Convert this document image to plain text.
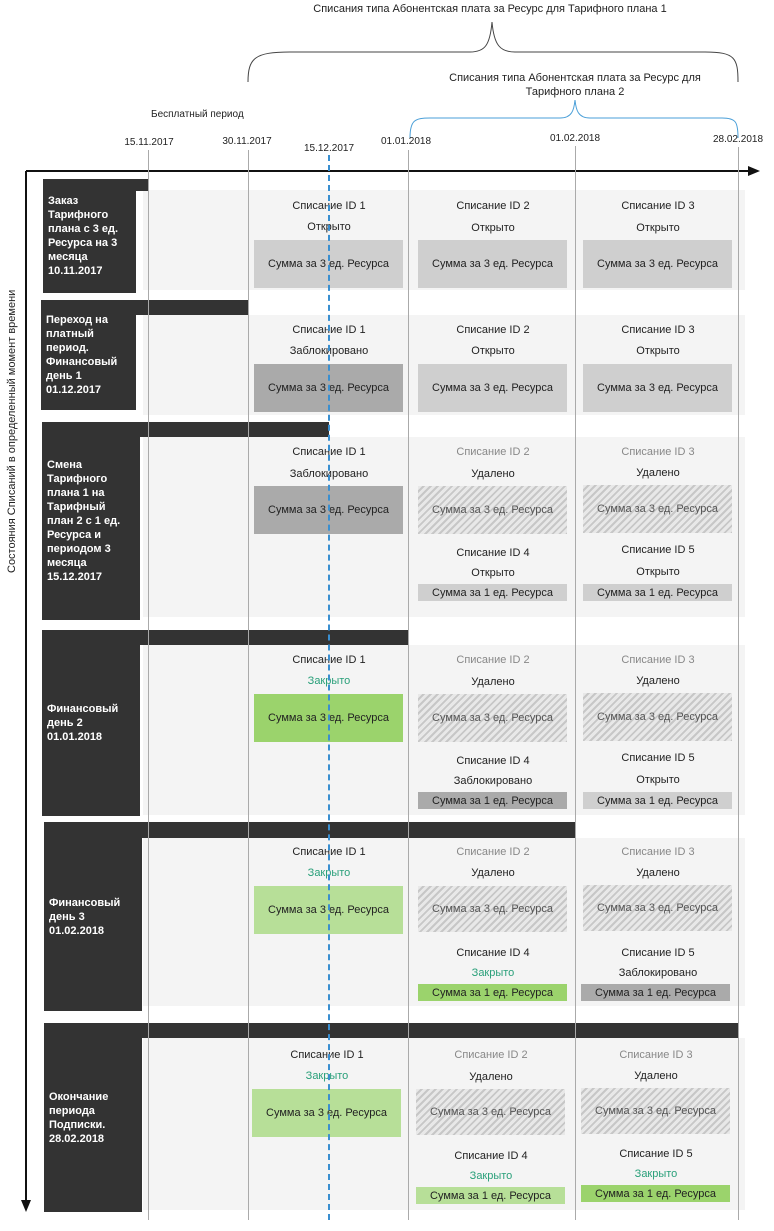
Списания типа Абонентская плата за Ресурс для Тарифного плана 1
Списания типа Абонентская плата за Ресурс для
Тарифного плана 2
Бесплатный период
15.11.2017	30.11.2017
15.12.2017
01.01.2018	01.02.2018	28.02.2018
Состояния Списаний в определенный момент времени
Заказ Тарифного плана с 3 ед. Ресурса на 3 месяца 10.11.2017
Переход на платный период. Финансовый день 1 01.12.2017
Смена Тарифного плана 1 на Тарифный план 2 с 1 ед. Ресурса и периодом 3 месяца 15.12.2017
Финансовый день 2 01.01.2018
Финансовый день 3 01.02.2018
Окончание периода Подписки. 28.02.2018
Списание ID 1
Открыто
Сумма за 3 ед. Ресурса
Списание ID 2
Открыто
Сумма за 3 ед. Ресурса
Списание ID 3
Открыто
Сумма за 3 ед. Ресурса
Списание ID 1
Заблокировано
Сумма за 3 ед. Ресурса
Списание ID 2
Открыто
Сумма за 3 ед. Ресурса
Списание ID 3
Открыто
Сумма за 3 ед. Ресурса
Списание ID 1
Заблокировано
Сумма за 3 ед. Ресурса
Списание ID 2
Удалено
Сумма за 3 ед. Ресурса
Списание ID 3
Удалено
Сумма за 3 ед. Ресурса
Списание ID 4
Открыто
Сумма за 1 ед. Ресурса
Списание ID 5
Открыто
Сумма за 1 ед. Ресурса
Списание ID 1
Закрыто
Сумма за 3 ед. Ресурса
Списание ID 2
Удалено
Сумма за 3 ед. Ресурса
Списание ID 3
Удалено
Сумма за 3 ед. Ресурса
Списание ID 4
Заблокировано
Сумма за 1 ед. Ресурса
Списание ID 5
Открыто
Сумма за 1 ед. Ресурса
Списание ID 1
Закрыто
Сумма за 3 ед. Ресурса
Списание ID 2
Удалено
Сумма за 3 ед. Ресурса
Списание ID 3
Удалено
Сумма за 3 ед. Ресурса
Списание ID 4
Закрыто
Сумма за 1 ед. Ресурса
Списание ID 5
Заблокировано
Сумма за 1 ед. Ресурса
Списание ID 1
Закрыто
Сумма за 3 ед. Ресурса
Списание ID 2
Удалено
Сумма за 3 ед. Ресурса
Списание ID 3
Удалено
Сумма за 3 ед. Ресурса
Списание ID 4
Закрыто
Сумма за 1 ед. Ресурса
Списание ID 5
Закрыто
Сумма за 1 ед. Ресурса
